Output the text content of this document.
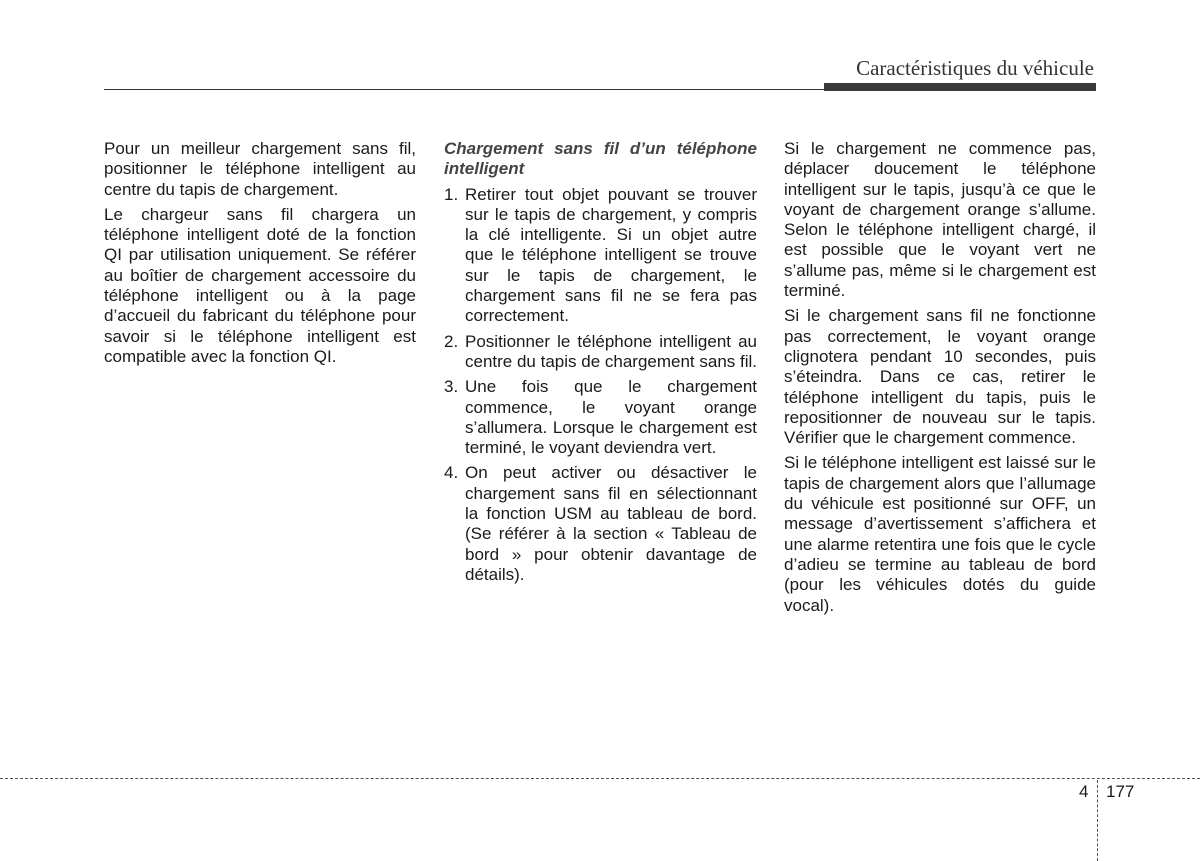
Caractéristiques du véhicule

Pour un meilleur chargement sans fil, positionner le téléphone intelligent au centre du tapis de chargement.

Le chargeur sans fil chargera un téléphone intelligent doté de la fonction QI par utilisation uniquement. Se référer au boîtier de chargement accessoire du téléphone intelligent ou à la page d’accueil du fabricant du téléphone pour savoir si le téléphone intelligent est compatible avec la fonction QI.

Chargement sans fil d’un téléphone intelligent

1. Retirer tout objet pouvant se trouver sur le tapis de chargement, y compris la clé intelligente. Si un objet autre que le téléphone intelligent se trouve sur le tapis de chargement, le chargement sans fil ne se fera pas correctement.
2. Positionner le téléphone intelligent au centre du tapis de chargement sans fil.
3. Une fois que le chargement commence, le voyant orange s’allumera. Lorsque le chargement est terminé, le voyant deviendra vert.
4. On peut activer ou désactiver le chargement sans fil en sélectionnant la fonction USM au tableau de bord. (Se référer à la section « Tableau de bord » pour obtenir davantage de détails).

Si le chargement ne commence pas, déplacer doucement le téléphone intelligent sur le tapis, jusqu’à ce que le voyant de chargement orange s’allume. Selon le téléphone intelligent chargé, il est possible que le voyant vert ne s’allume pas, même si le chargement est terminé.

Si le chargement sans fil ne fonctionne pas correctement, le voyant orange clignotera pendant 10 secondes, puis s’éteindra. Dans ce cas, retirer le téléphone intelligent du tapis, puis le repositionner de nouveau sur le tapis. Vérifier que le chargement commence.

Si le téléphone intelligent est laissé sur le tapis de chargement alors que l’allumage du véhicule est positionné sur OFF, un message d’avertissement s’affichera et une alarme retentira une fois que le cycle d’adieu se termine au tableau de bord (pour les véhicules dotés du guide vocal).

4 177
